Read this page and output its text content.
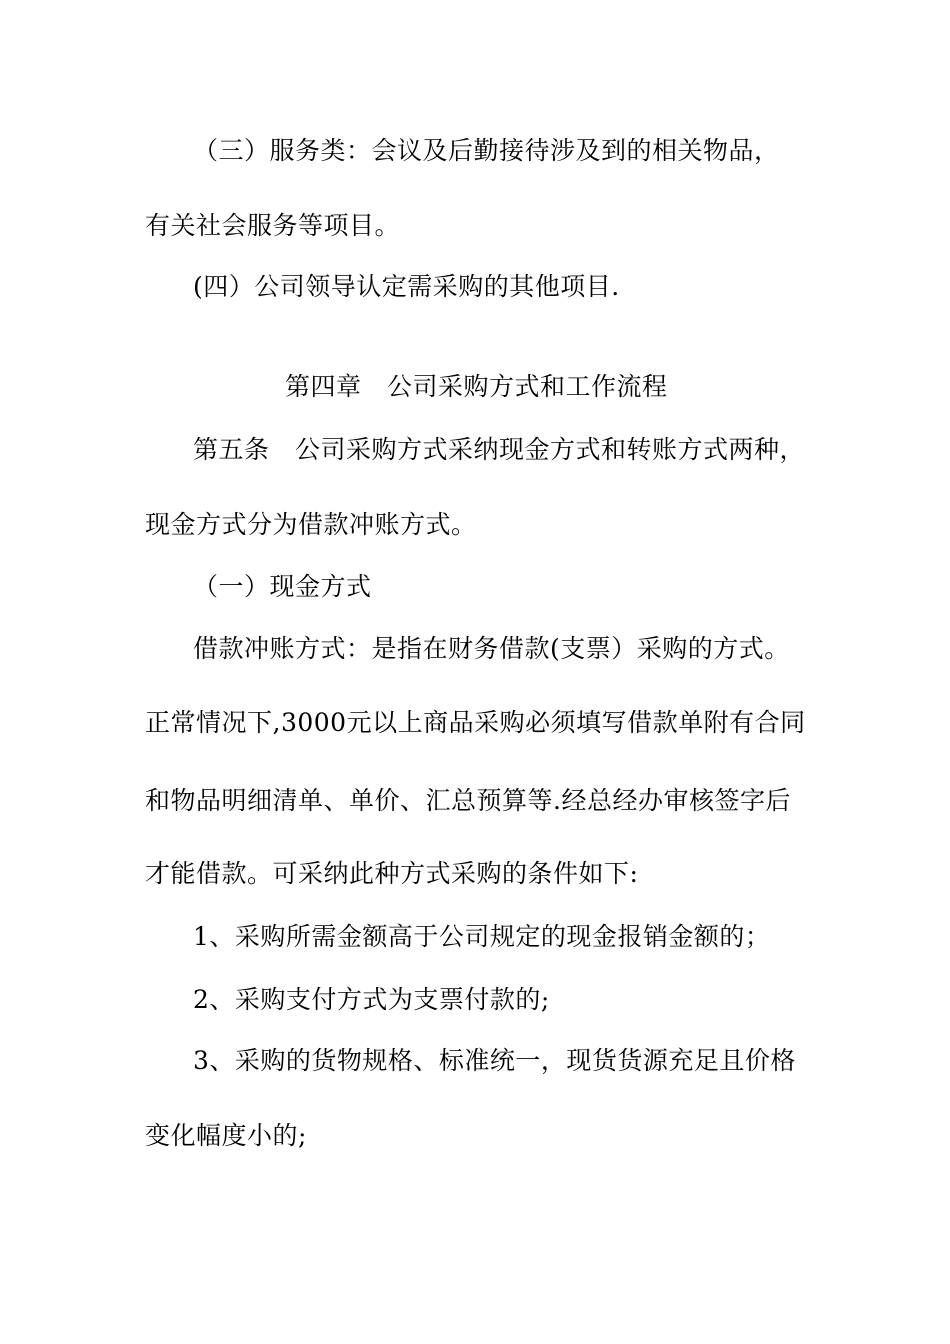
（三）服务类：会议及后勤接待涉及到的相关物品，
有关社会服务等项目。
(四）公司领导认定需采购的其他项目.
第四章　公司采购方式和工作流程
第五条　公司采购方式采纳现金方式和转账方式两种，
现金方式分为借款冲账方式。
（一）现金方式
借款冲账方式：是指在财务借款(支票）采购的方式。
正常情况下,3000元以上商品采购必须填写借款单附有合同
和物品明细清单、单价、汇总预算等.经总经办审核签字后
才能借款。可采纳此种方式采购的条件如下:
1、采购所需金额高于公司规定的现金报销金额的；
2、采购支付方式为支票付款的;
3、采购的货物规格、标准统一，现货货源充足且价格
变化幅度小的;
